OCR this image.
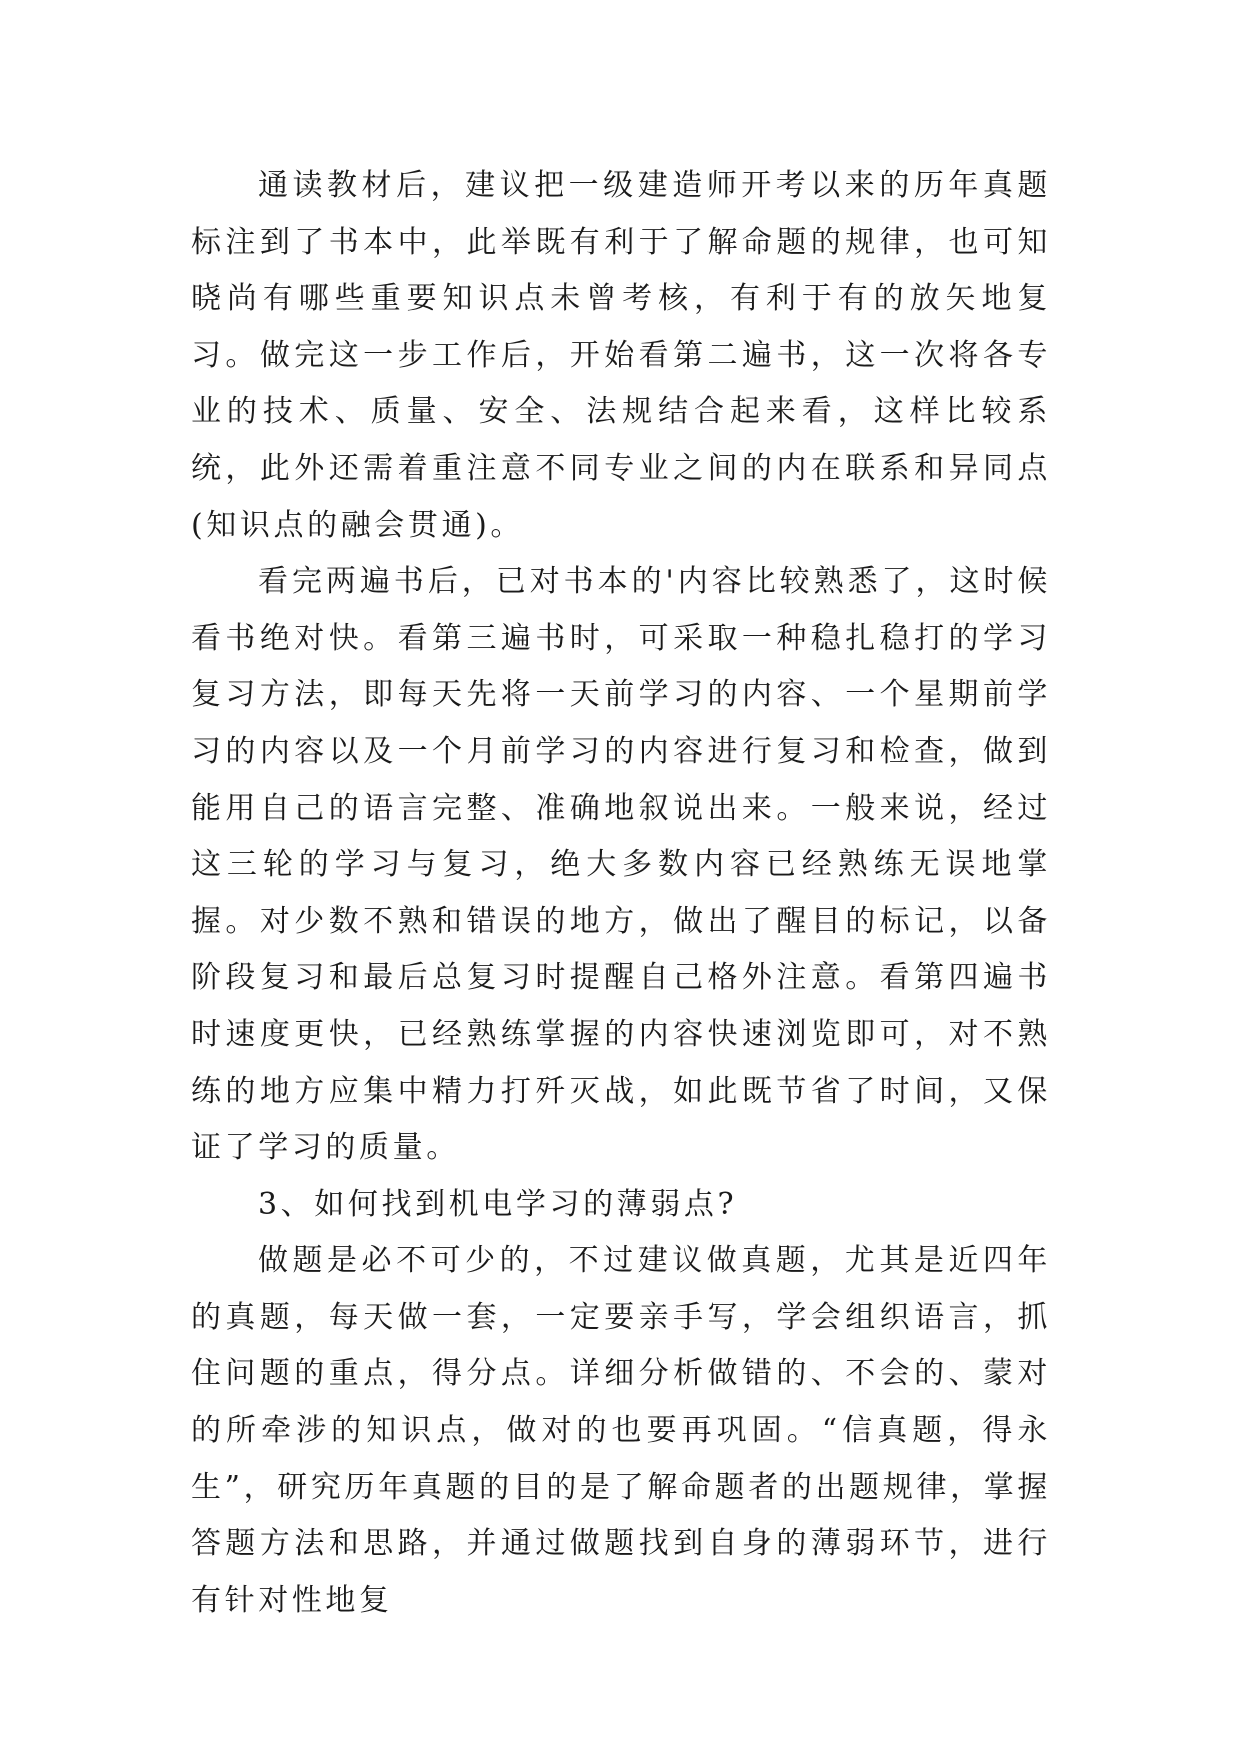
通读教材后，建议把一级建造师开考以来的历年真题标注到了书本中，此举既有利于了解命题的规律，也可知晓尚有哪些重要知识点未曾考核，有利于有的放矢地复习。做完这一步工作后，开始看第二遍书，这一次将各专业的技术、质量、安全、法规结合起来看，这样比较系统，此外还需着重注意不同专业之间的内在联系和异同点(知识点的融会贯通)。

看完两遍书后，已对书本的'内容比较熟悉了，这时候看书绝对快。看第三遍书时，可采取一种稳扎稳打的学习复习方法，即每天先将一天前学习的内容、一个星期前学习的内容以及一个月前学习的内容进行复习和检查，做到能用自己的语言完整、准确地叙说出来。一般来说，经过这三轮的学习与复习，绝大多数内容已经熟练无误地掌握。对少数不熟和错误的地方，做出了醒目的标记，以备阶段复习和最后总复习时提醒自己格外注意。看第四遍书时速度更快，已经熟练掌握的内容快速浏览即可，对不熟练的地方应集中精力打歼灭战，如此既节省了时间，又保证了学习的质量。

3、如何找到机电学习的薄弱点?

做题是必不可少的，不过建议做真题，尤其是近四年的真题，每天做一套，一定要亲手写，学会组织语言，抓住问题的重点，得分点。详细分析做错的、不会的、蒙对的所牵涉的知识点，做对的也要再巩固。“信真题，得永生”，研究历年真题的目的是了解命题者的出题规律，掌握答题方法和思路，并通过做题找到自身的薄弱环节，进行有针对性地复
